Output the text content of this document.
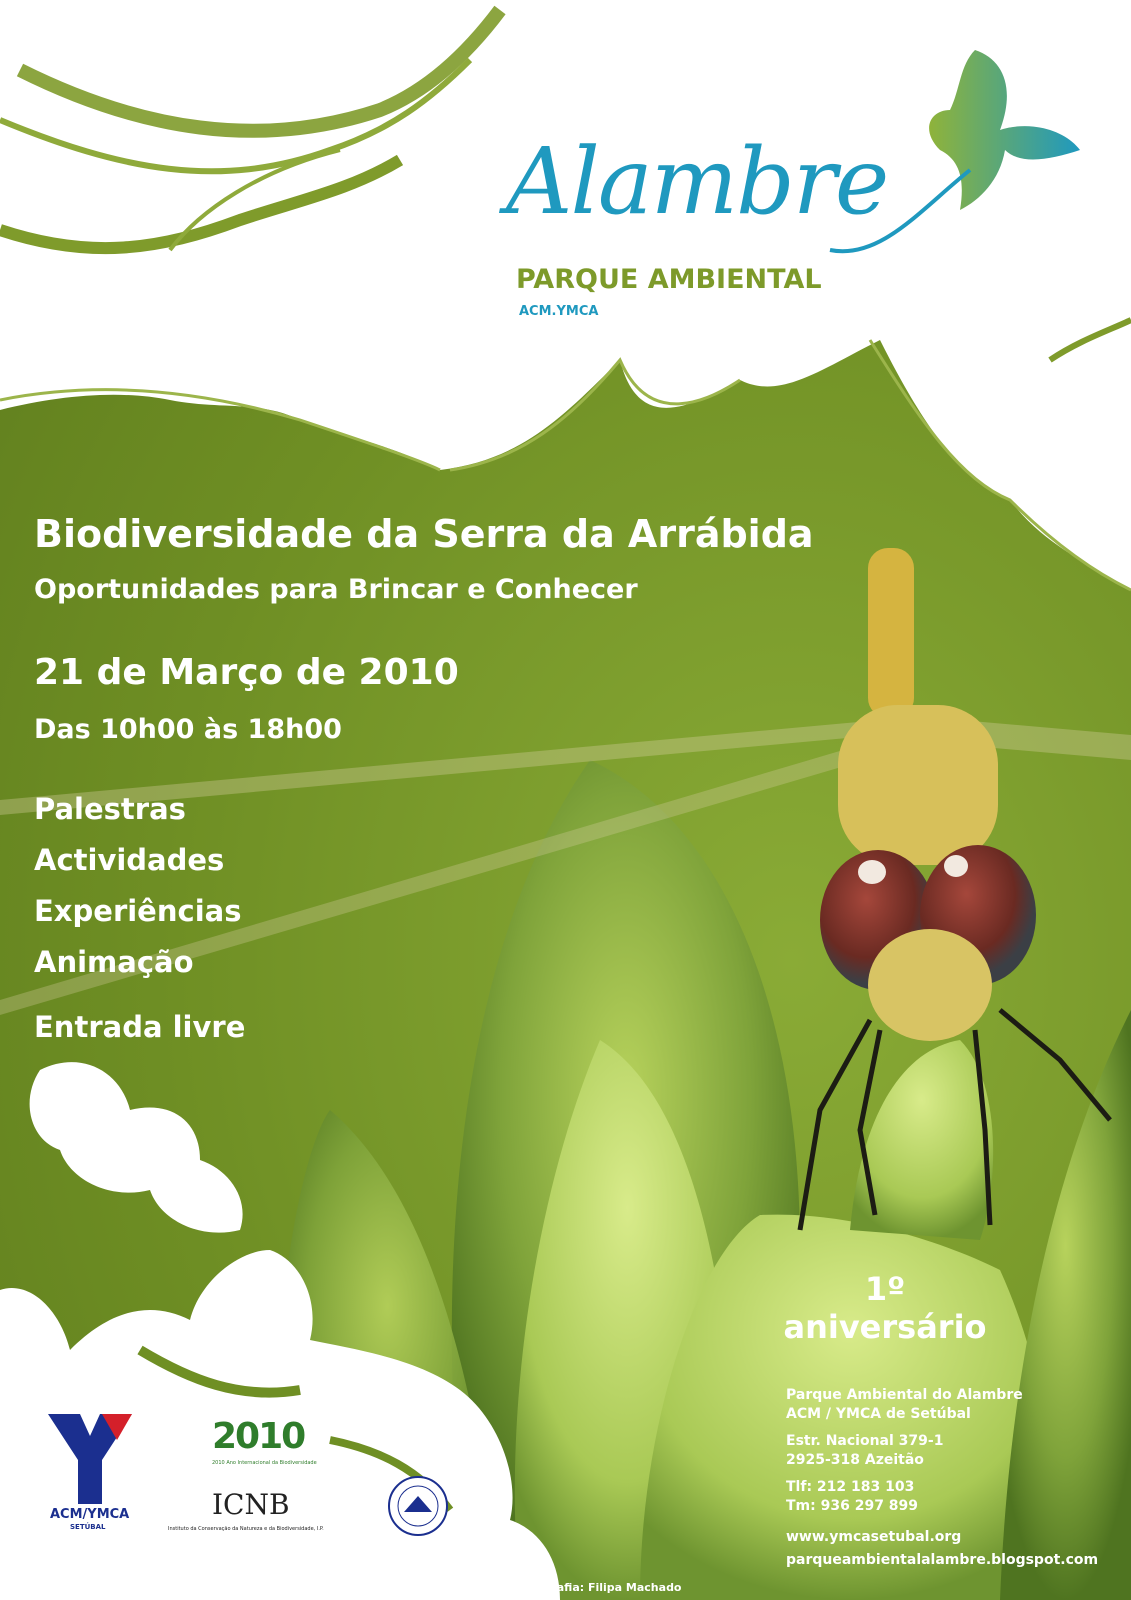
Alambre
PARQUE AMBIENTAL
ACM.YMCA
Biodiversidade da Serra da Arrábida
Oportunidades para Brincar e Conhecer
21 de Março de 2010
Das 10h00 às 18h00
Palestras
Actividades
Experiências
Animação
Entrada livre
ACM/YMCA
SETÚBAL
2010
2010 Ano Internacional da Biodiversidade
ICNB
Instituto da Conservação da Natureza e da Biodiversidade, I.P.
1º
aniversário
Parque Ambiental do Alambre
ACM / YMCA de Setúbal
Estr. Nacional 379-1
2925-318 Azeitão
Tlf: 212 183 103
Tm: 936 297 899
www.ymcasetubal.org
parqueambientalalambre.blogspot.com
Fotografia: Filipa Machado
